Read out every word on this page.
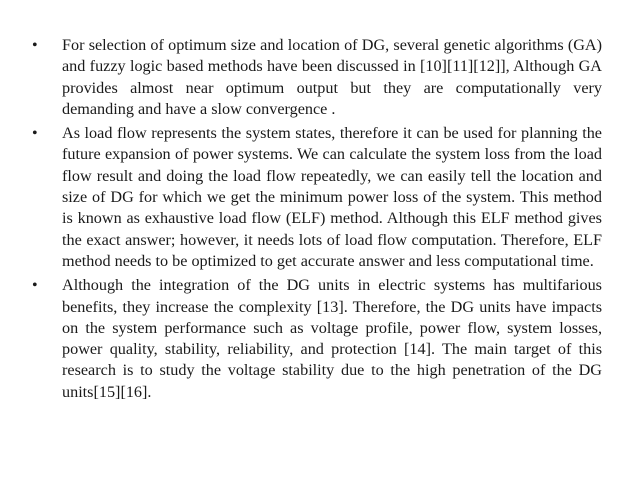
• For selection of optimum size and location of DG, several genetic algorithms (GA) and fuzzy logic based methods have been discussed in [10][11][12]], Although GA provides almost near optimum output but they are computationally very demanding and have a slow convergence .
• As load flow represents the system states, therefore it can be used for planning the future expansion of power systems. We can calculate the system loss from the load flow result and doing the load flow repeatedly, we can easily tell the location and size of DG for which we get the minimum power loss of the system. This method is known as exhaustive load flow (ELF) method. Although this ELF method gives the exact answer; however, it needs lots of load flow computation. Therefore, ELF method needs to be optimized to get accurate answer and less computational time.
• Although the integration of the DG units in electric systems has multifarious benefits, they increase the complexity [13]. Therefore, the DG units have impacts on the system performance such as voltage profile, power flow, system losses, power quality, stability, reliability, and protection [14]. The main target of this research is to study the voltage stability due to the high penetration of the DG units[15][16].
